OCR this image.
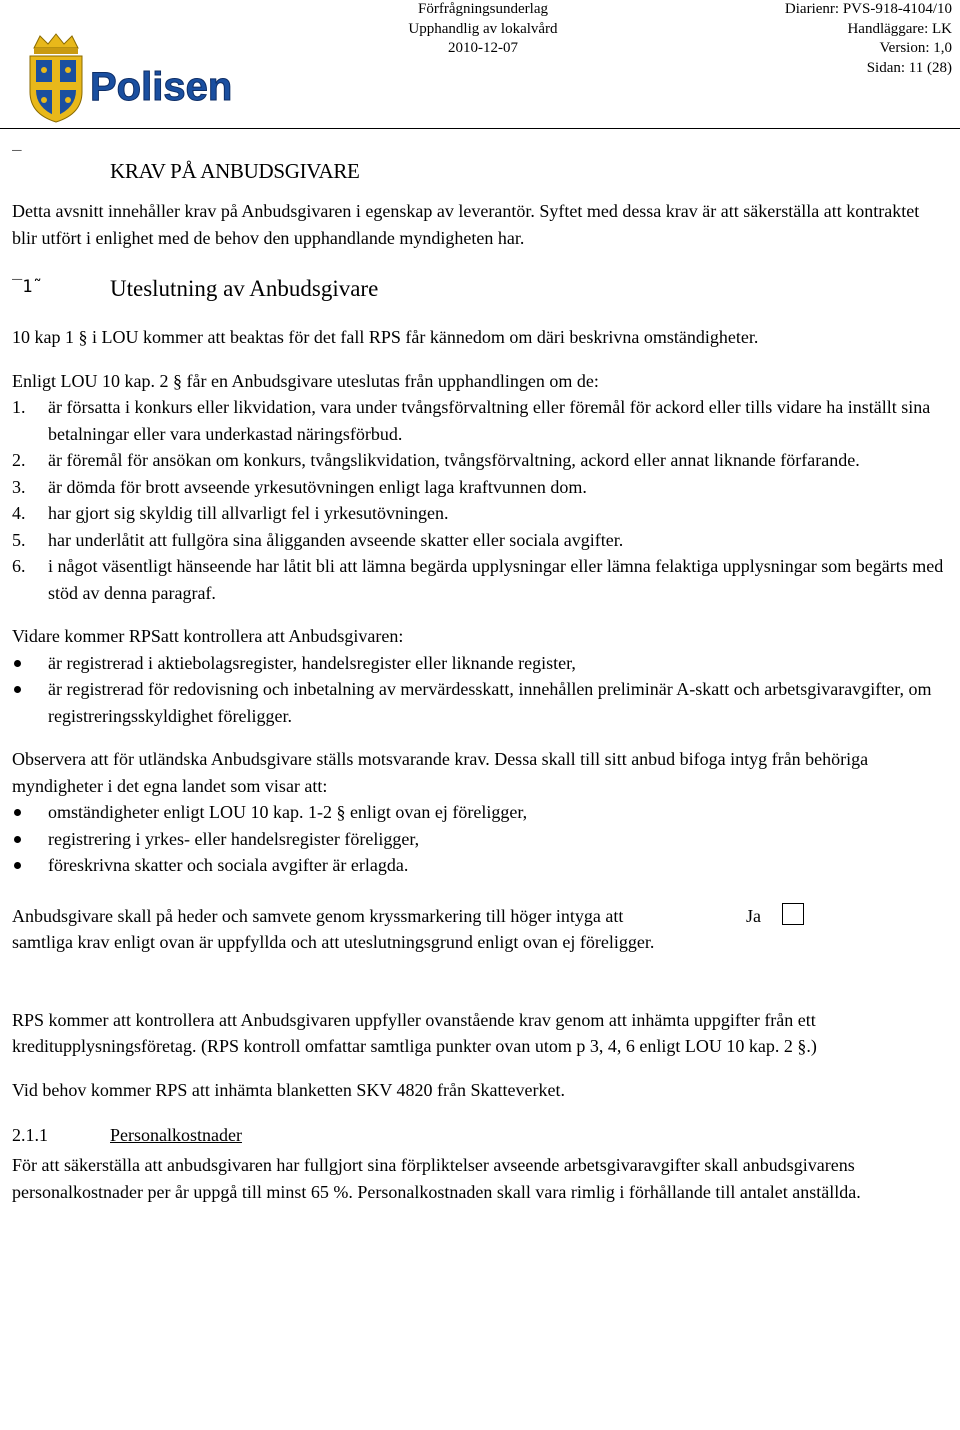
Polisen
Förfrågningsunderlag
Upphandlig av lokalvård
2010-12-07
Diarienr: PVS-918-4104/10
Handläggare: LK
Version: 1,0
Sidan: 11 (28)
‾
KRAV PÅ ANBUDSGIVARE

Detta avsnitt innehåller krav på Anbudsgivaren i egenskap av leverantör. Syftet med dessa krav är att säkerställa att kontraktet blir utfört i enlighet med de behov den upphandlande myndigheten har.

‾1˜	Uteslutning av Anbudsgivare

10 kap 1 § i LOU kommer att beaktas för det fall RPS får kännedom om däri beskrivna omständigheter.

Enligt LOU 10 kap. 2 § får en Anbudsgivare uteslutas från upphandlingen om de:

1. är försatta i konkurs eller likvidation, vara under tvångsförvaltning eller föremål för ackord eller tills vidare ha inställt sina betalningar eller vara underkastad näringsförbud.
2. är föremål för ansökan om konkurs, tvångslikvidation, tvångsförvaltning, ackord eller annat liknande förfarande.
3. är dömda för brott avseende yrkesutövningen enligt laga kraftvunnen dom.
4. har gjort sig skyldig till allvarligt fel i yrkesutövningen.
5. har underlåtit att fullgöra sina åligganden avseende skatter eller sociala avgifter.
6. i något väsentligt hänseende har låtit bli att lämna begärda upplysningar eller lämna felaktiga upplysningar som begärts med stöd av denna paragraf.

Vidare kommer RPSatt kontrollera att Anbudsgivaren:

är registrerad i aktiebolagsregister, handelsregister eller liknande register,
är registrerad för redovisning och inbetalning av mervärdesskatt, innehållen preliminär A-skatt och arbetsgivaravgifter, om registreringsskyldighet föreligger.

Observera att för utländska Anbudsgivare ställs motsvarande krav. Dessa skall till sitt anbud bifoga intyg från behöriga myndigheter i det egna landet som visar att:

omständigheter enligt LOU 10 kap. 1-2 § enligt ovan ej föreligger,
registrering i yrkes- eller handelsregister föreligger,
föreskrivna skatter och sociala avgifter är erlagda.
Anbudsgivare skall på heder och samvete genom kryssmarkering till höger intyga att samtliga krav enligt ovan är uppfyllda och att uteslutningsgrund enligt ovan ej föreligger.
Ja

RPS kommer att kontrollera att Anbudsgivaren uppfyller ovanstående krav genom att inhämta uppgifter från ett kreditupplysningsföretag. (RPS kontroll omfattar samtliga punkter ovan utom p 3, 4, 6 enligt LOU 10 kap. 2 §.)

Vid behov kommer RPS att inhämta blanketten SKV 4820 från Skatteverket.

2.1.1	Personalkostnader

För att säkerställa att anbudsgivaren har fullgjort sina förpliktelser avseende arbetsgivaravgifter skall anbudsgivarens personalkostnader per år uppgå till minst 65 %. Personalkostnaden skall vara rimlig i förhållande till antalet anställda.
